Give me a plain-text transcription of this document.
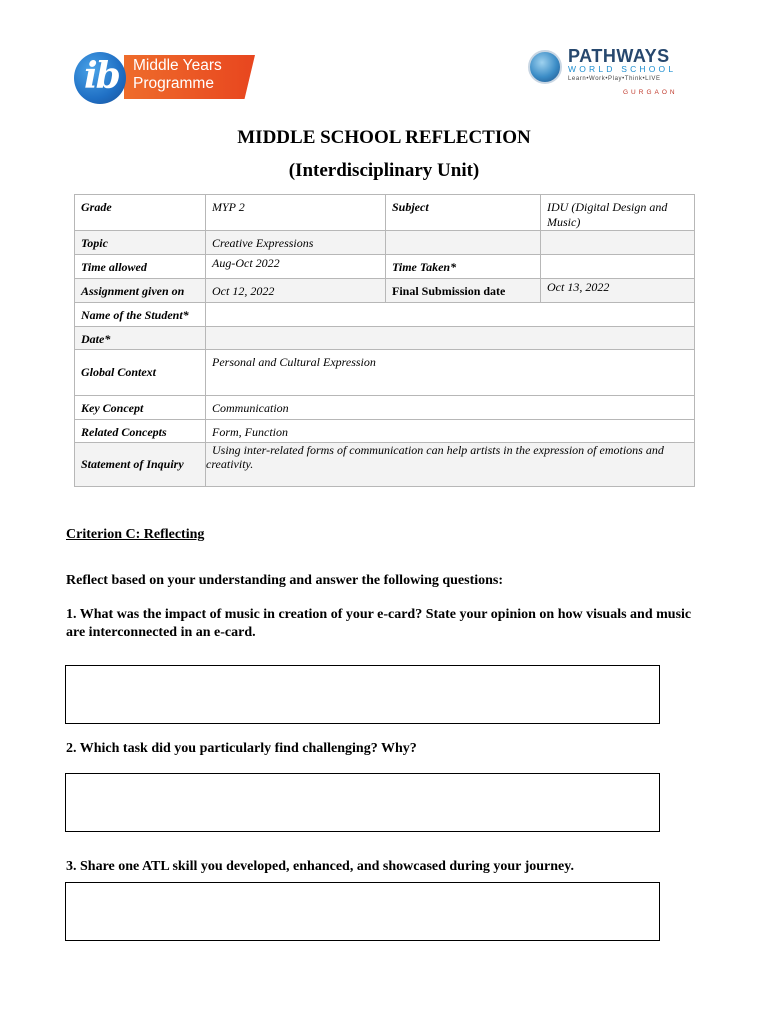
ib Middle Years
Programme
PATHWAYS
WORLD SCHOOL
Learn•Work•Play•Think•LIVE
GURGAON
MIDDLE SCHOOL REFLECTION
(Interdisciplinary Unit)
Grade	MYP 2	Subject	IDU (Digital Design and Music)
Topic	Creative Expressions		
Time allowed	Aug-Oct 2022	Time Taken*	
Assignment given on	Oct 12, 2022	Final Submission date	Oct 13, 2022
Name of the Student*			
Date*			
Global Context	Personal and Cultural Expression		
Key Concept	Communication		
Related Concepts	Form, Function		
Statement of Inquiry	Using inter-related forms of communication can help artists in the expression of emotions and creativity.		
Criterion C: Reflecting
Reflect based on your understanding and answer the following questions:
1. What was the impact of music in creation of your e-card? State your opinion on how visuals and music are interconnected in an e-card.
2. Which task did you particularly find challenging? Why?
3. Share one ATL skill you developed, enhanced, and showcased during your journey.
